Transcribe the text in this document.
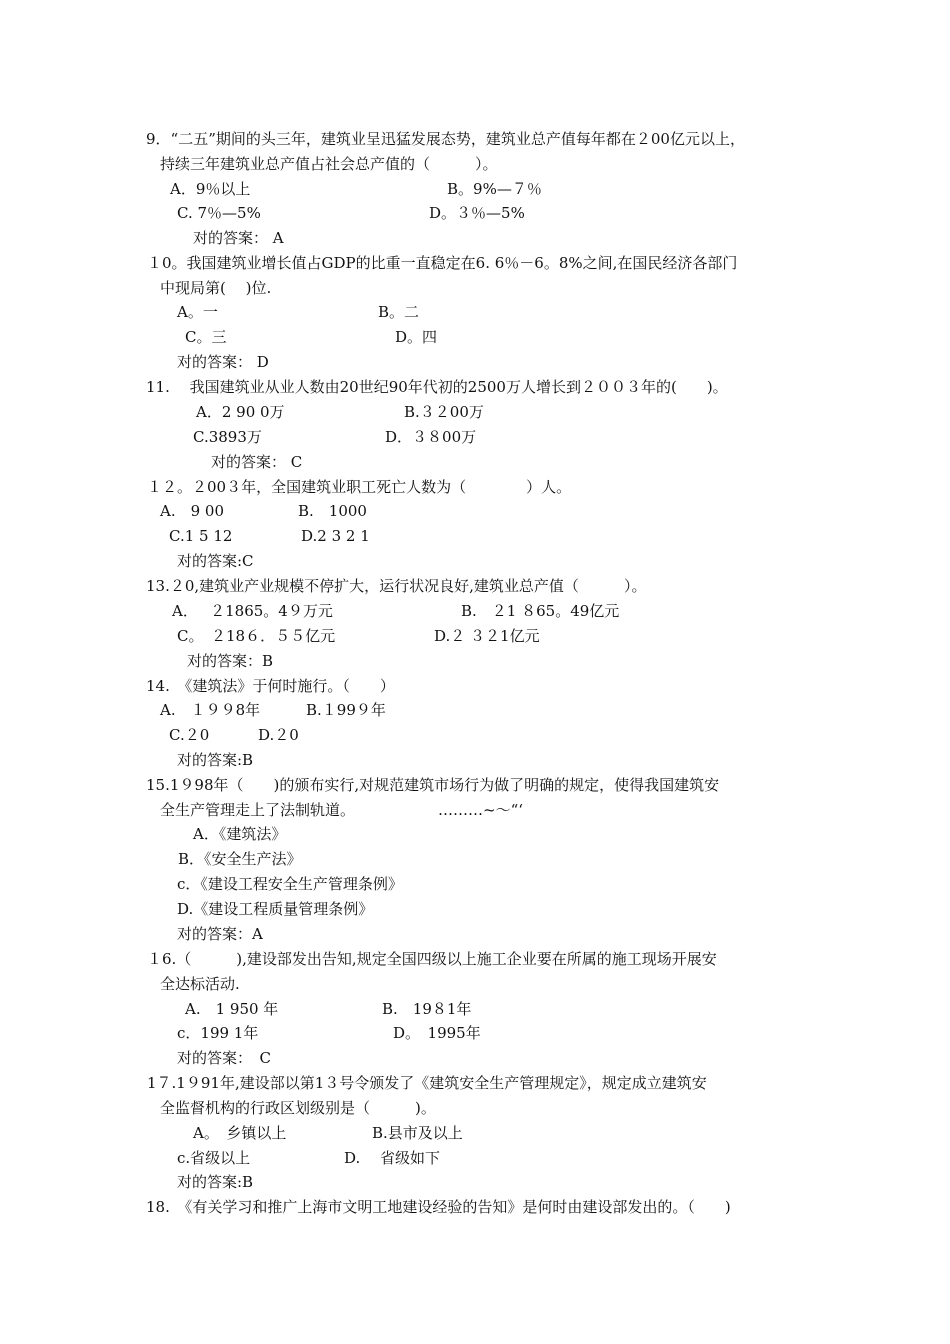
9．“二五”期间的头三年，建筑业呈迅猛发展态势，建筑业总产值每年都在２00亿元以上，
持续三年建筑业总产值占社会总产值的（　　　）。
A．9％以上	B。9%—７％
C. 7％—5%	D。３％—5%
对的答案： A
１0。我国建筑业增长值占GDP的比重一直稳定在6. 6％－6。8%之间,在国民经济各部门
中现局第(　 )位.
A。一	B。二
C。三	D。四
对的答案： D
11.　 我国建筑业从业人数由20世纪90年代初的2500万人增长到２００３年的(　　)。
A．2 90 0万	B.３２00万
C.3893万	D．３８00万
对的答案： C
１２。２00３年，全国建筑业职工死亡人数为（　　　　）人。
A.　9 00	B.　1000
C.1 5 12	D.2 3 2 1
对的答案:C
13.２0,建筑业产业规模不停扩大，运行状况良好,建筑业总产值（　　　）。
A．　 ２1865。4９万元	B.　２1 ８65。49亿元
C。　２18６．５５亿元	D.２ ３２1亿元
对的答案：B
14.　《建筑法》于何时施行。（　　）
A.　１９９8年	B.１99９年
C.２0	D.２0
对的答案:B
15.1９98年（　　)的颁布实行,对规范建筑市场行为做了明确的规定，使得我国建筑安
全生产管理走上了法制轨道。	………~～“‘
A．《建筑法》
B．《安全生产法》
c．《建设工程安全生产管理条例》
D.《建设工程质量管理条例》
对的答案：A
１6.（　　　),建设部发出告知,规定全国四级以上施工企业要在所属的施工现场开展安
全达标活动.
A.　1 950 年	B.　19８1年
c．199 1年	D。　1995年
对的答案：　C
1７.1９91年,建设部以第1３号令颁发了《建筑安全生产管理规定》，规定成立建筑安
全监督机构的行政区划级别是（　　　)。
A。　乡镇以上	B.县市及以上
c.省级以上	D.　 省级如下
对的答案:B
18.　《有关学习和推广上海市文明工地建设经验的告知》是何时由建设部发出的。（　　)
